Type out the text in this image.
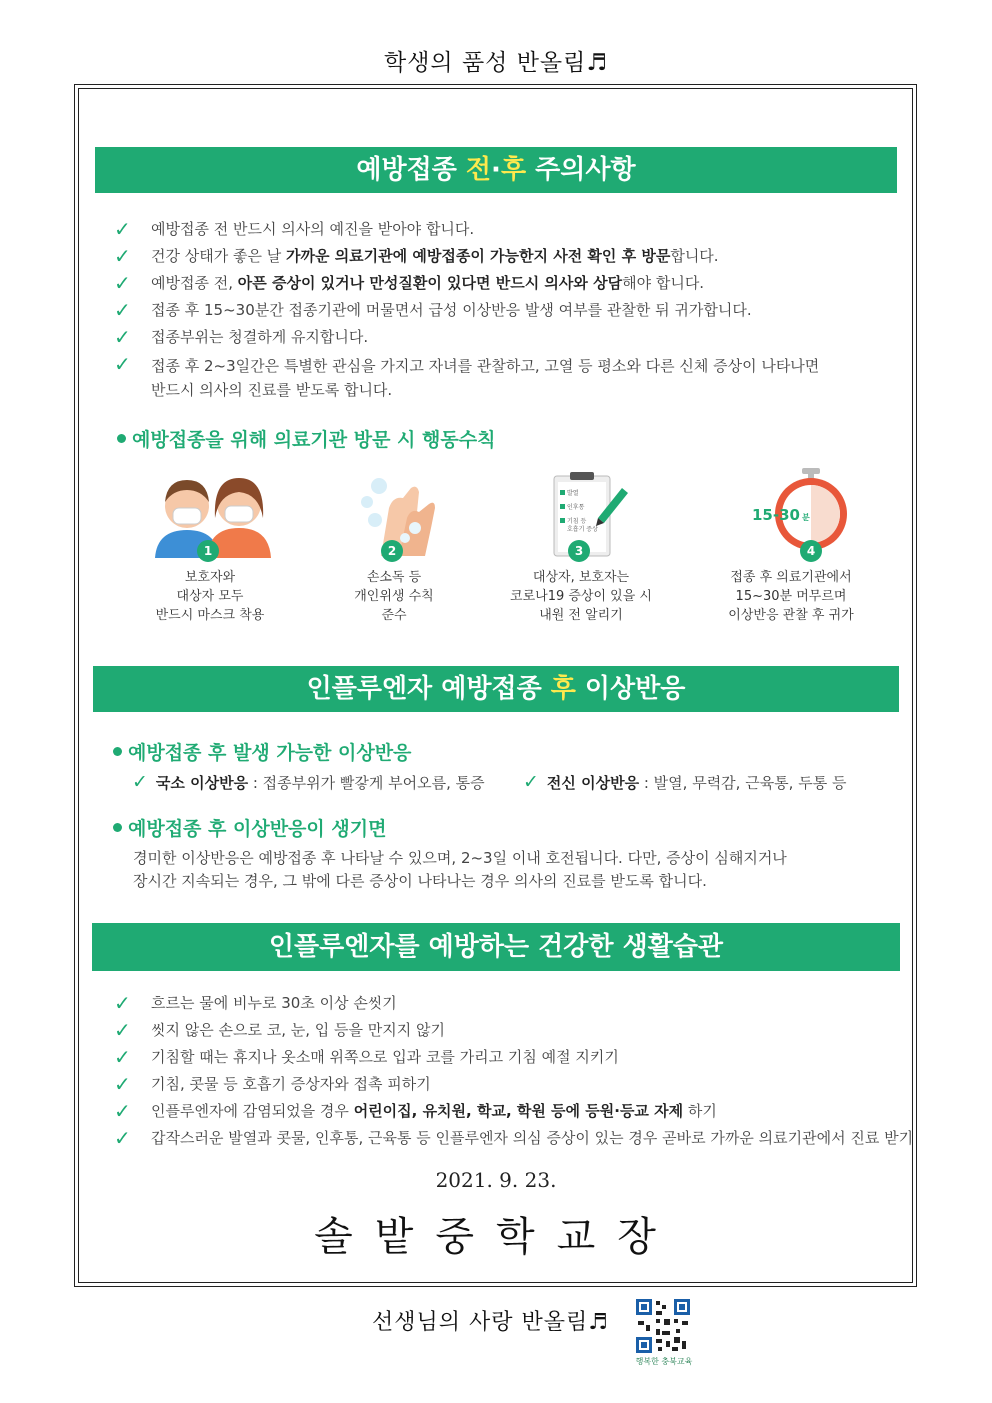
학생의 품성 반올림♬
예방접종 전·후 주의사항
✓ 예방접종 전 반드시 의사의 예진을 받아야 합니다.
✓ 건강 상태가 좋은 날 가까운 의료기관에 예방접종이 가능한지 사전 확인 후 방문합니다.
✓ 예방접종 전, 아픈 증상이 있거나 만성질환이 있다면 반드시 의사와 상담해야 합니다.
✓ 접종 후 15~30분간 접종기관에 머물면서 급성 이상반응 발생 여부를 관찰한 뒤 귀가합니다.
✓ 접종부위는 청결하게 유지합니다.
✓ 접종 후 2~3일간은 특별한 관심을 가지고 자녀를 관찰하고, 고열 등 평소와 다른 신체 증상이 나타나면
반드시 의사의 진료를 받도록 합니다.
예방접종을 위해 의료기관 방문 시 행동수칙
1
보호자와
대상자 모두
반드시 마스크 착용
2
손소독 등
개인위생 수칙
준수
발열
인후통
기침 등
호흡기 증상
3
대상자, 보호자는
코로나19 증상이 있을 시
내원 전 알리기
15-30 분
4
접종 후 의료기관에서
15~30분 머무르며
이상반응 관찰 후 귀가
인플루엔자 예방접종 후 이상반응
예방접종 후 발생 가능한 이상반응
✓ 국소 이상반응 : 접종부위가 빨갛게 부어오름, 통증 ✓ 전신 이상반응 : 발열, 무력감, 근육통, 두통 등
예방접종 후 이상반응이 생기면
경미한 이상반응은 예방접종 후 나타날 수 있으며, 2~3일 이내 호전됩니다. 다만, 증상이 심해지거나
장시간 지속되는 경우, 그 밖에 다른 증상이 나타나는 경우 의사의 진료를 받도록 합니다.
인플루엔자를 예방하는 건강한 생활습관
✓ 흐르는 물에 비누로 30초 이상 손씻기
✓ 씻지 않은 손으로 코, 눈, 입 등을 만지지 않기
✓ 기침할 때는 휴지나 옷소매 위쪽으로 입과 코를 가리고 기침 예절 지키기
✓ 기침, 콧물 등 호흡기 증상자와 접촉 피하기
✓ 인플루엔자에 감염되었을 경우 어린이집, 유치원, 학교, 학원 등에 등원·등교 자제 하기
✓ 갑작스러운 발열과 콧물, 인후통, 근육통 등 인플루엔자 의심 증상이 있는 경우 곧바로 가까운 의료기관에서 진료 받기
2021. 9. 23.
솔밭중학교장
선생님의 사랑 반올림♬
행복한 충북교육
